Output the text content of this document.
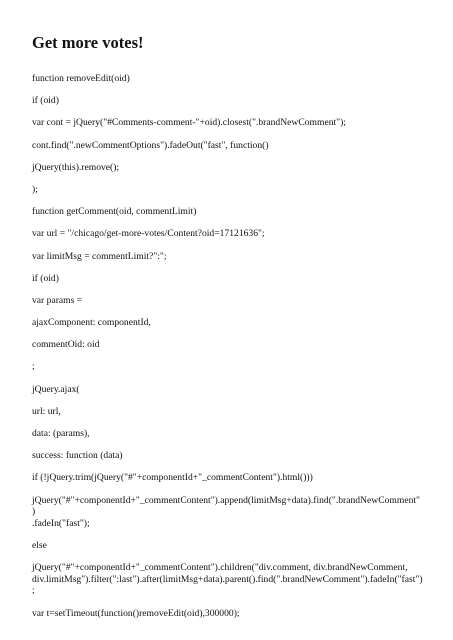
Get more votes!
function removeEdit(oid)
if (oid)
var cont = jQuery("#Comments-comment-"+oid).closest(".brandNewComment");
cont.find(".newCommentOptions").fadeOut("fast", function()
jQuery(this).remove();
);
function getComment(oid, commentLimit)
var url = "/chicago/get-more-votes/Content?oid=17121636";
var limitMsg = commentLimit?":";
if (oid)
var params =
ajaxComponent: componentId,
commentOid: oid
;
jQuery.ajax(
url: url,
data: (params),
success: function (data)
if (!jQuery.trim(jQuery("#"+componentId+"_commentContent").html()))
jQuery("#"+componentId+"_commentContent").append(limitMsg+data).find(".brandNewComment")
.fadeIn("fast");
else
jQuery("#"+componentId+"_commentContent").children("div.comment, div.brandNewComment,
div.limitMsg").filter(":last").after(limitMsg+data).parent().find(".brandNewComment").fadeIn("fast");
var t=setTimeout(function()removeEdit(oid),300000);
